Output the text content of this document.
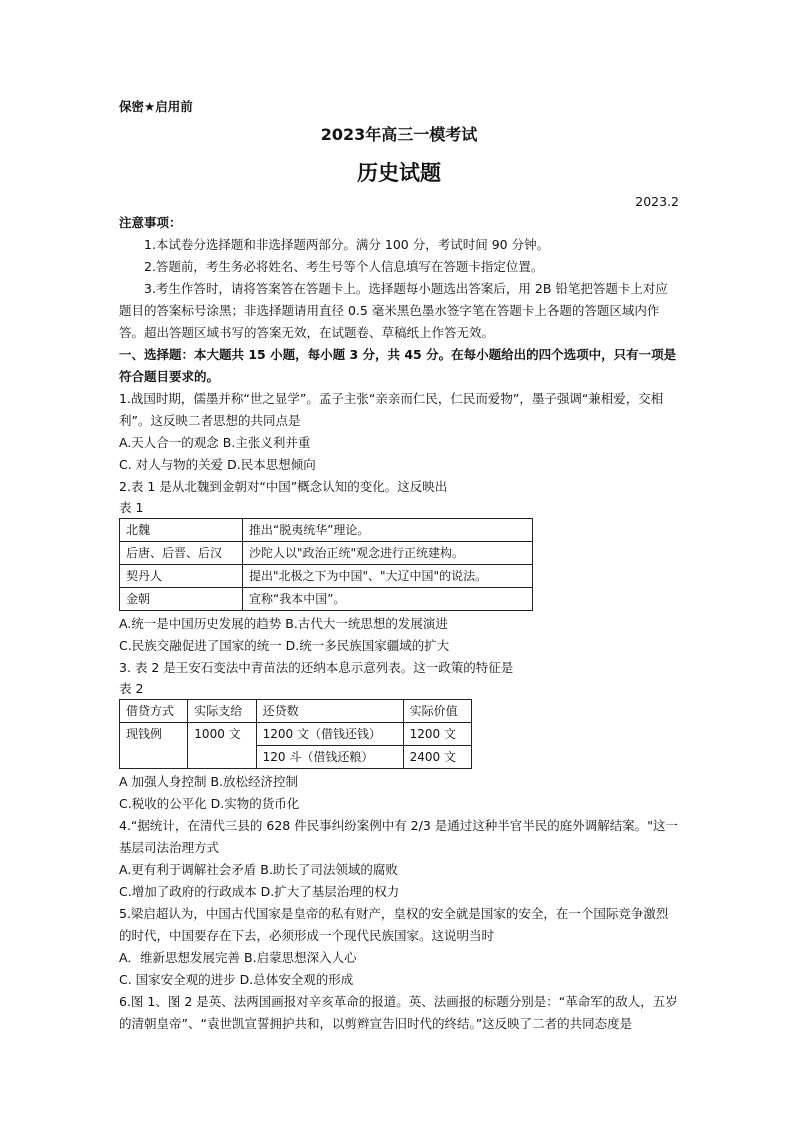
保密★启用前
2023年高三一模考试
历史试题
2023.2

注意事项：

1.本试卷分选择题和非选择题两部分。满分 100 分，考试时间 90 分钟。

2.答题前，考生务必将姓名、考生号等个人信息填写在答题卡指定位置。

3.考生作答时，请将答案答在答题卡上。选择题每小题选出答案后，用 2B 铅笔把答题卡上对应题目的答案标号涂黑；非选择题请用直径 0.5 毫米黑色墨水签字笔在答题卡上各题的答题区域内作答。超出答题区域书写的答案无效，在试题卷、草稿纸上作答无效。

一、选择题：本大题共 15 小题，每小题 3 分，共 45 分。在每小题给出的四个选项中，只有一项是符合题目要求的。

1.战国时期，儒墨并称“世之显学”。孟子主张“亲亲而仁民，仁民而爱物”，墨子强调“兼相爱，交相利”。这反映二者思想的共同点是

A.天人合一的观念 B.主张义利并重

C. 对人与物的关爱 D.民本思想倾向

2.表 1 是从北魏到金朝对“中国”概念认知的变化。这反映出

表 1
北魏	推出“脱夷统华”理论。
后唐、后晋、后汉	沙陀人以"政治正统"观念进行正统建构。
契丹人	提出"北极之下为中国"、"大辽中国"的说法。
金朝	宣称“我本中国”。

A.统一是中国历史发展的趋势 B.古代大一统思想的发展演进

C.民族交融促进了国家的统一 D.统一多民族国家疆域的扩大

3. 表 2 是王安石变法中青苗法的还纳本息示意列表。这一政策的特征是

表 2
借贷方式	实际支给	还贷数	实际价值
现钱例	1000 文	1200 文（借钱还钱）	1200 文
		120 斗（借钱还粮）	2400 文

A 加强人身控制 B.放松经济控制

C.税收的公平化 D.实物的货币化

4.“据统计，在清代三县的 628 件民事纠纷案例中有 2/3 是通过这种半官半民的庭外调解结案。"这一基层司法治理方式

A.更有利于调解社会矛盾 B.助长了司法领域的腐败

C.增加了政府的行政成本 D.扩大了基层治理的权力

5.梁启超认为，中国古代国家是皇帝的私有财产，皇权的安全就是国家的安全，在一个国际竞争激烈的时代，中国要存在下去，必须形成一个现代民族国家。这说明当时

A．维新思想发展完善 B.启蒙思想深入人心

C. 国家安全观的进步 D.总体安全观的形成

6.图 1、图 2 是英、法两国画报对辛亥革命的报道。英、法画报的标题分别是：“革命军的敌人，五岁的清朝皇帝”、“袁世凯宣誓拥护共和，以剪辫宣告旧时代的终结。”这反映了二者的共同态度是
